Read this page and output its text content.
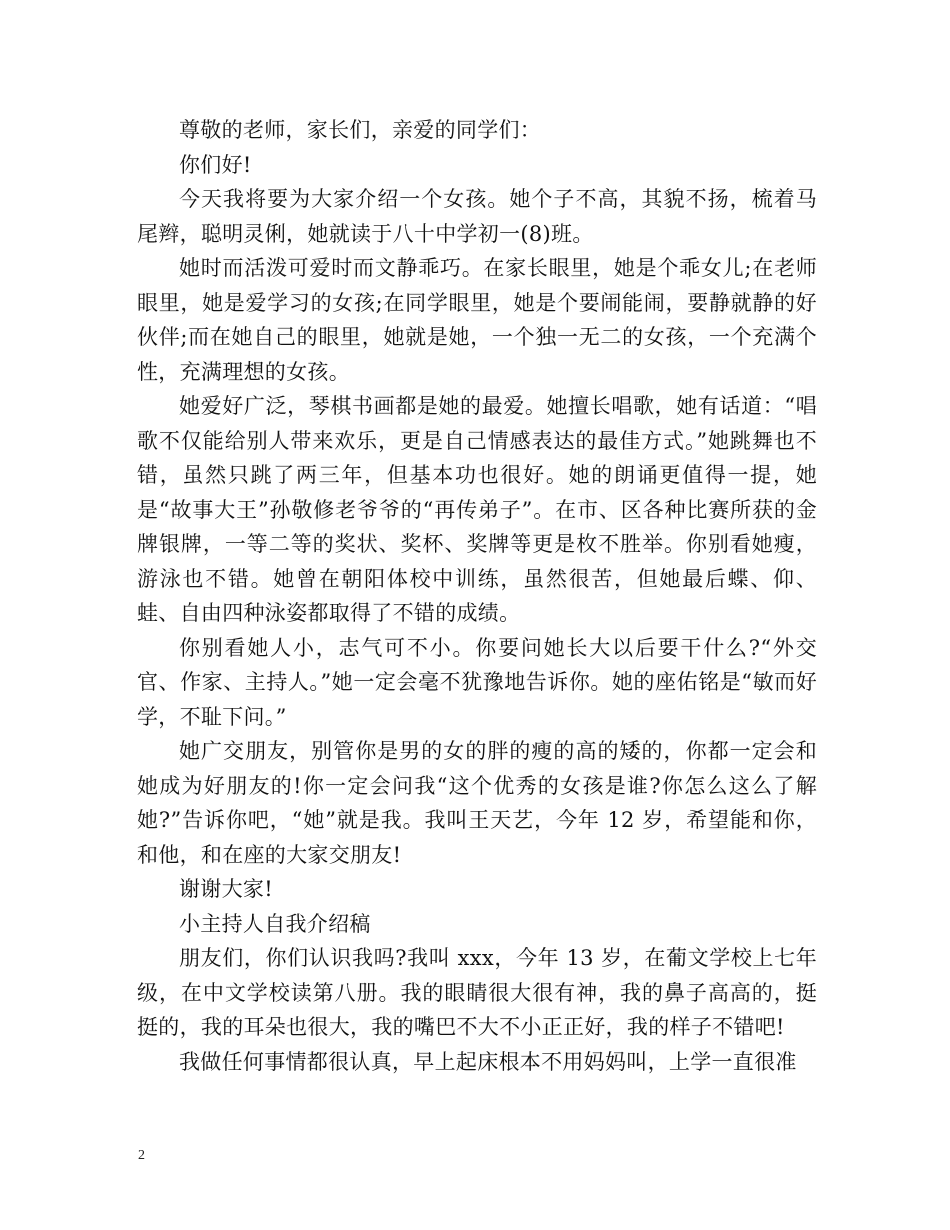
尊敬的老师，家长们，亲爱的同学们：

你们好!

今天我将要为大家介绍一个女孩。她个子不高，其貌不扬，梳着马尾辫，聪明灵俐，她就读于八十中学初一(8)班。

她时而活泼可爱时而文静乖巧。在家长眼里，她是个乖女儿;在老师眼里，她是爱学习的女孩;在同学眼里，她是个要闹能闹，要静就静的好伙伴;而在她自己的眼里，她就是她，一个独一无二的女孩，一个充满个性，充满理想的女孩。

她爱好广泛，琴棋书画都是她的最爱。她擅长唱歌，她有话道：“唱歌不仅能给别人带来欢乐，更是自己情感表达的最佳方式。”她跳舞也不错，虽然只跳了两三年，但基本功也很好。她的朗诵更值得一提，她是“故事大王”孙敬修老爷爷的“再传弟子”。在市、区各种比赛所获的金牌银牌，一等二等的奖状、奖杯、奖牌等更是枚不胜举。你别看她瘦，游泳也不错。她曾在朝阳体校中训练，虽然很苦，但她最后蝶、仰、蛙、自由四种泳姿都取得了不错的成绩。

你别看她人小，志气可不小。你要问她长大以后要干什么?“外交官、作家、主持人。”她一定会毫不犹豫地告诉你。她的座佑铭是“敏而好学，不耻下问。”

她广交朋友，别管你是男的女的胖的瘦的高的矮的，你都一定会和她成为好朋友的!你一定会问我“这个优秀的女孩是谁?你怎么这么了解她?”告诉你吧，“她”就是我。我叫王天艺，今年 12 岁，希望能和你，和他，和在座的大家交朋友!

谢谢大家!

小主持人自我介绍稿

朋友们，你们认识我吗?我叫 xxx，今年 13 岁，在葡文学校上七年级，在中文学校读第八册。我的眼睛很大很有神，我的鼻子高高的，挺挺的，我的耳朵也很大，我的嘴巴不大不小正正好，我的样子不错吧!

我做任何事情都很认真，早上起床根本不用妈妈叫，上学一直很准

2
